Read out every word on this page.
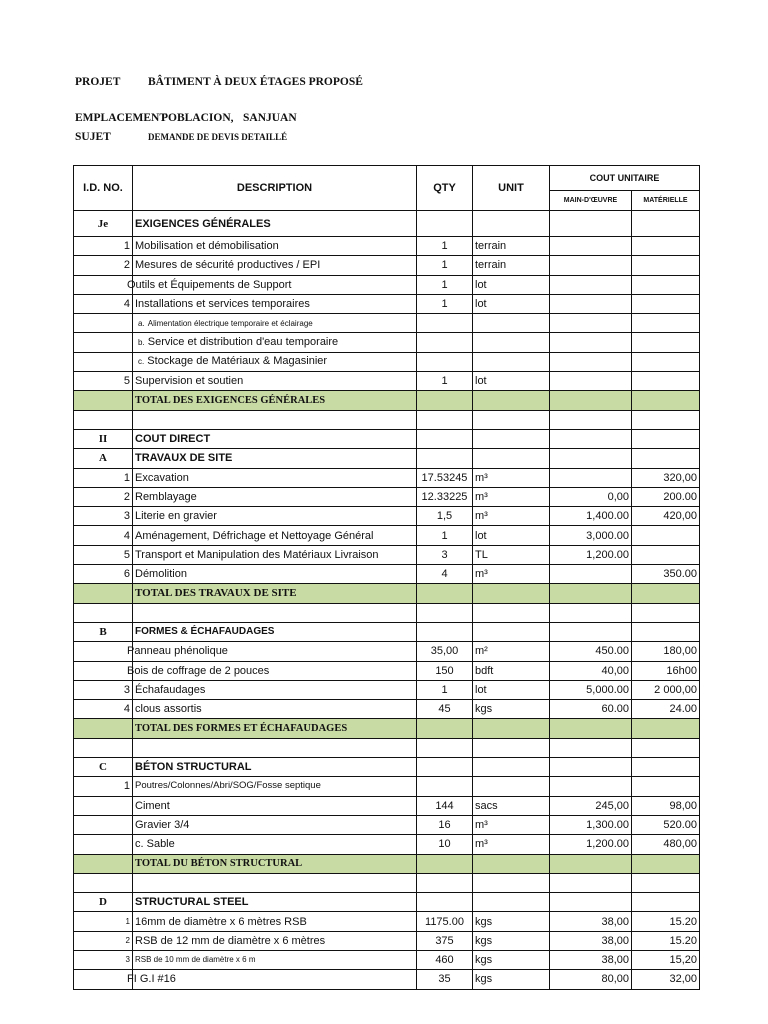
PROJET BÂTIMENT À DEUX ÉTAGES PROPOSÉ
EMPLACEMENT
POBLACION, SANJUAN
SUJET	DEMANDE DE DEVIS DETAILLÉ
I.D. NO.	DESCRIPTION	QTY	UNIT	COUT UNITAIRE	
				MAIN-D'ŒUVRE	MATÉRIELLE
Je	EXIGENCES GÉNÉRALES				
1	Mobilisation et démobilisation	1	terrain		
2	Mesures de sécurité productives / EPI	1	terrain		
	Outils et Équipements de Support	1	lot		
4	Installations et services temporaires	1	lot		
	a. Alimentation électrique temporaire et éclairage				
	b. Service et distribution d'eau temporaire				
	c. Stockage de Matériaux & Magasinier				
5	Supervision et soutien	1	lot		
	TOTAL DES EXIGENCES GÉNÉRALES				

II	COUT DIRECT				
A	TRAVAUX DE SITE				
1	Excavation	17.53245	m³		320,00
2	Remblayage	12.33225	m³	0,00	200.00
3	Literie en gravier	1,5	m³	1,400.00	420,00
4	Aménagement, Défrichage et Nettoyage Général	1	lot	3,000.00	
5	Transport et Manipulation des Matériaux Livraison	3	TL	1,200.00	
6	Démolition	4	m³		350.00
	TOTAL DES TRAVAUX DE SITE				

B	FORMES & ÉCHAFAUDAGES				
	Panneau phénolique	35,00	m²	450.00	180,00
	Bois de coffrage de 2 pouces	150	bdft	40,00	16h00
3	Échafaudages	1	lot	5,000.00	2 000,00
4	clous assortis	45	kgs	60.00	24.00
	TOTAL DES FORMES ET ÉCHAFAUDAGES				

C	BÉTON STRUCTURAL				
1	Poutres/Colonnes/Abri/SOG/Fosse septique				
	Ciment	144	sacs	245,00	98,00
	Gravier 3/4	16	m³	1,300.00	520.00
	c. Sable	10	m³	1,200.00	480,00
	TOTAL DU BÉTON STRUCTURAL				

D	STRUCTURAL STEEL				
1	16mm de diamètre x 6 mètres RSB	1175.00	kgs	38,00	15.20
2	RSB de 12 mm de diamètre x 6 mètres	375	kgs	38,00	15.20
3	RSB de 10 mm de diamètre x 6 m	460	kgs	38,00	15,20
	FI G.I #16	35	kgs	80,00	32,00
